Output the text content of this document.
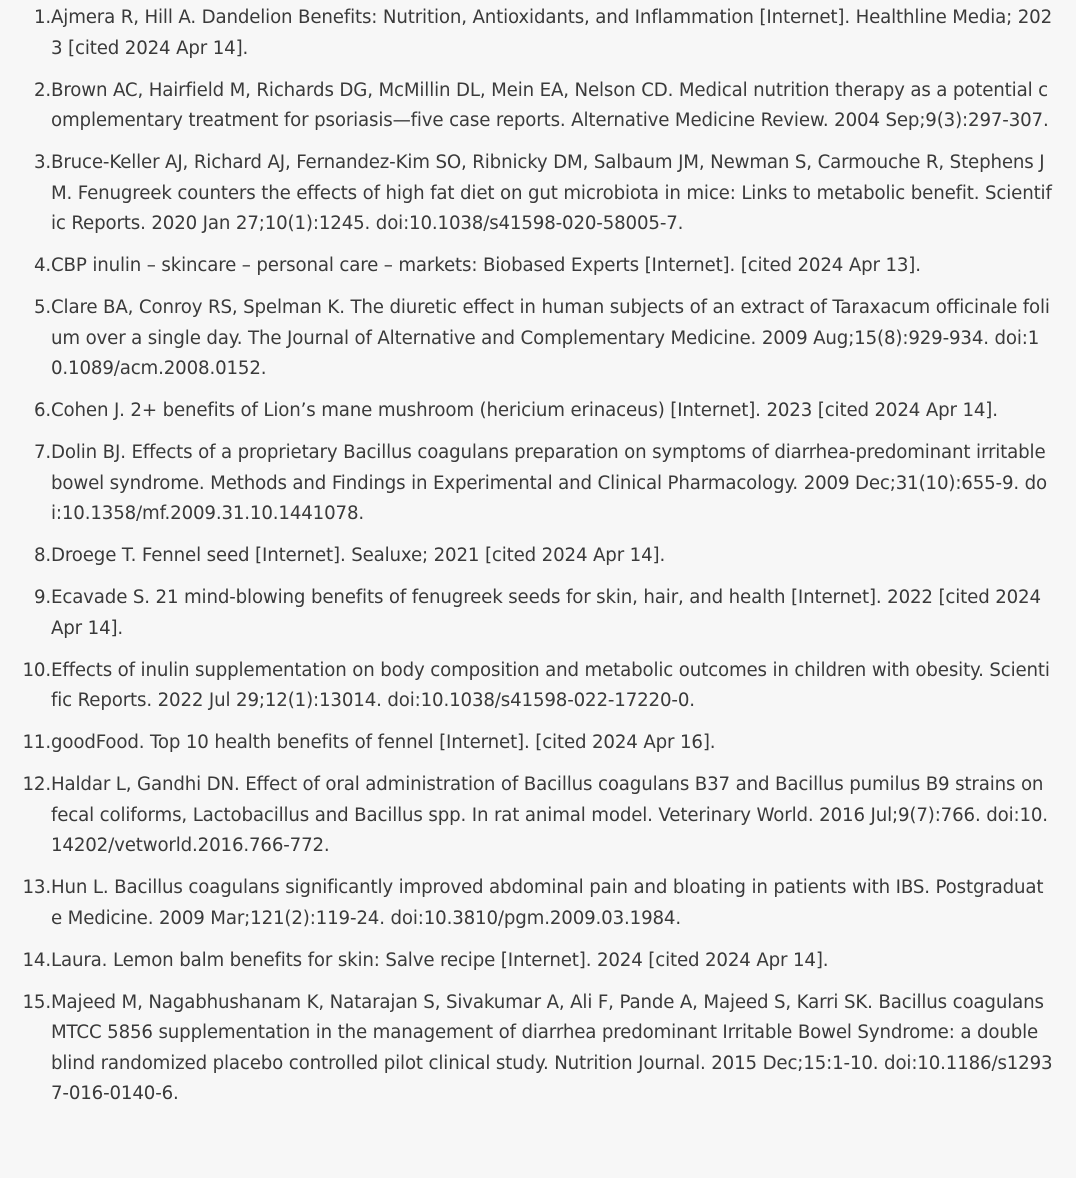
1. Ajmera R, Hill A. Dandelion Benefits: Nutrition, Antioxidants, and Inflammation [Internet]. Healthline Media; 2023 [cited 2024 Apr 14].
2. Brown AC, Hairfield M, Richards DG, McMillin DL, Mein EA, Nelson CD. Medical nutrition therapy as a potential complementary treatment for psoriasis—five case reports. Alternative Medicine Review. 2004 Sep;9(3):297-307.
3. Bruce-Keller AJ, Richard AJ, Fernandez-Kim SO, Ribnicky DM, Salbaum JM, Newman S, Carmouche R, Stephens JM. Fenugreek counters the effects of high fat diet on gut microbiota in mice: Links to metabolic benefit. Scientific Reports. 2020 Jan 27;10(1):1245. doi:10.1038/s41598-020-58005-7.
4. CBP inulin – skincare – personal care – markets: Biobased Experts [Internet]. [cited 2024 Apr 13].
5. Clare BA, Conroy RS, Spelman K. The diuretic effect in human subjects of an extract of Taraxacum officinale folium over a single day. The Journal of Alternative and Complementary Medicine. 2009 Aug;15(8):929-934. doi:10.1089/acm.2008.0152.
6. Cohen J. 2+ benefits of Lion’s mane mushroom (hericium erinaceus) [Internet]. 2023 [cited 2024 Apr 14].
7. Dolin BJ. Effects of a proprietary Bacillus coagulans preparation on symptoms of diarrhea-predominant irritable bowel syndrome. Methods and Findings in Experimental and Clinical Pharmacology. 2009 Dec;31(10):655-9. doi:10.1358/mf.2009.31.10.1441078.
8. Droege T. Fennel seed [Internet]. Sealuxe; 2021 [cited 2024 Apr 14].
9. Ecavade S. 21 mind-blowing benefits of fenugreek seeds for skin, hair, and health [Internet]. 2022 [cited 2024 Apr 14].
10. Effects of inulin supplementation on body composition and metabolic outcomes in children with obesity. Scientific Reports. 2022 Jul 29;12(1):13014. doi:10.1038/s41598-022-17220-0.
11. goodFood. Top 10 health benefits of fennel [Internet]. [cited 2024 Apr 16].
12. Haldar L, Gandhi DN. Effect of oral administration of Bacillus coagulans B37 and Bacillus pumilus B9 strains on fecal coliforms, Lactobacillus and Bacillus spp. In rat animal model. Veterinary World. 2016 Jul;9(7):766. doi:10.14202/vetworld.2016.766-772.
13. Hun L. Bacillus coagulans significantly improved abdominal pain and bloating in patients with IBS. Postgraduate Medicine. 2009 Mar;121(2):119-24. doi:10.3810/pgm.2009.03.1984.
14. Laura. Lemon balm benefits for skin: Salve recipe [Internet]. 2024 [cited 2024 Apr 14].
15. Majeed M, Nagabhushanam K, Natarajan S, Sivakumar A, Ali F, Pande A, Majeed S, Karri SK. Bacillus coagulans MTCC 5856 supplementation in the management of diarrhea predominant Irritable Bowel Syndrome: a double blind randomized placebo controlled pilot clinical study. Nutrition Journal. 2015 Dec;15:1-10. doi:10.1186/s12937-016-0140-6.
